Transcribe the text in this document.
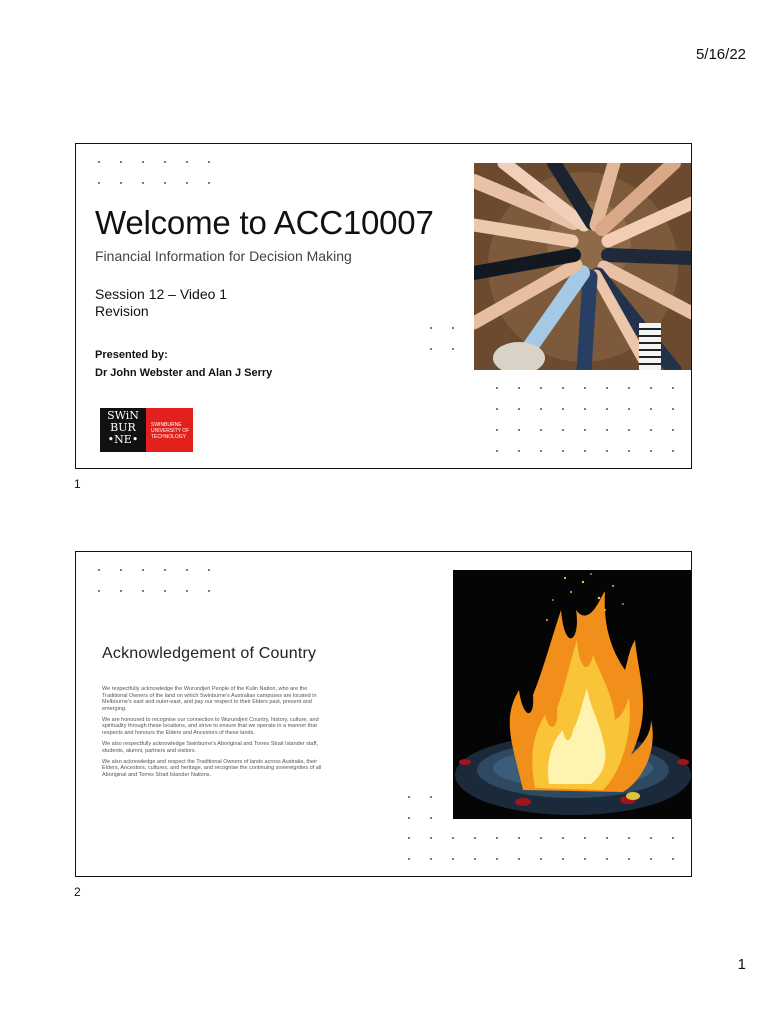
5/16/22
Welcome to ACC10007
Financial Information for Decision Making
Session 12 – Video 1
Revision
Presented by:
Dr John Webster and Alan J Serry
SWiN
BUR
•NE•
SWINBURNE
UNIVERSITY OF
TECHNOLOGY
1
Acknowledgement of Country

We respectfully acknowledge the Wurundjeri People of the Kulin Nation, who are the Traditional Owners of the land on which Swinburne's Australian campuses are located in Melbourne's east and outer-east, and pay our respect to their Elders past, present and emerging.

We are honoured to recognise our connection to Wurundjeri Country, history, culture, and spirituality through these locations, and strive to ensure that we operate in a manner that respects and honours the Elders and Ancestors of these lands.

We also respectfully acknowledge Swinburne's Aboriginal and Torres Strait Islander staff, students, alumni, partners and visitors.

We also acknowledge and respect the Traditional Owners of lands across Australia, their Elders, Ancestors, cultures, and heritage, and recognise the continuing sovereignties of all Aboriginal and Torres Strait Islander Nations.

2
1
